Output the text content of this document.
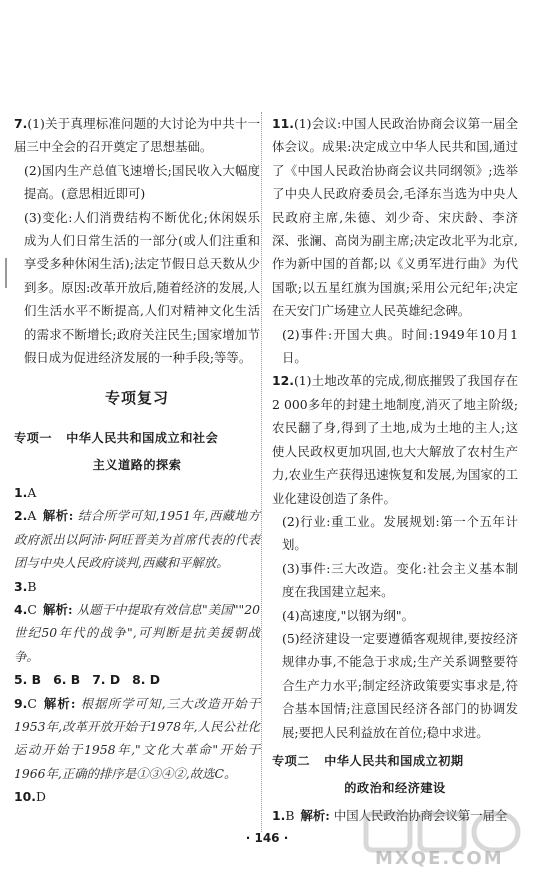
7.(1)关于真理标准问题的大讨论为中共十一届三中全会的召开奠定了思想基础。

(2)国内生产总值飞速增长;国民收入大幅度提高。(意思相近即可)

(3)变化:人们消费结构不断优化;休闲娱乐成为人们日常生活的一部分(或人们注重和享受多种休闲生活);法定节假日总天数从少到多。原因:改革开放后,随着经济的发展,人们生活水平不断提高,人们对精神文化生活的需求不断增长;政府关注民生;国家增加节假日成为促进经济发展的一种手段;等等。

专项复习
专项一 中华人民共和国成立和社会
主义道路的探索

1.A

2.A 解析: 结合所学可知,1951年,西藏地方政府派出以阿沛·阿旺晋美为首席代表的代表团与中央人民政府谈判,西藏和平解放。

3.B

4.C 解析: 从题干中提取有效信息"美国""20世纪50年代的战争",可判断是抗美援朝战争。

5. B 6. B 7. D 8. D

9.C 解析: 根据所学可知,三大改造开始于1953年,改革开放开始于1978年,人民公社化运动开始于1958年,"文化大革命"开始于1966年,正确的排序是①③④②,故选C。

10.D

11.(1)会议:中国人民政治协商会议第一届全体会议。成果:决定成立中华人民共和国,通过了《中国人民政治协商会议共同纲领》;选举了中央人民政府委员会,毛泽东当选为中央人民政府主席,朱德、刘少奇、宋庆龄、李济深、张澜、高岗为副主席;决定改北平为北京,作为新中国的首都;以《义勇军进行曲》为代国歌;以五星红旗为国旗;采用公元纪年;决定在天安门广场建立人民英雄纪念碑。

(2)事件:开国大典。时间:1949年10月1日。

12.(1)土地改革的完成,彻底摧毁了我国存在2 000多年的封建土地制度,消灭了地主阶级;农民翻了身,得到了土地,成为土地的主人;这使人民政权更加巩固,也大大解放了农村生产力,农业生产获得迅速恢复和发展,为国家的工业化建设创造了条件。

(2)行业:重工业。发展规划:第一个五年计划。

(3)事件:三大改造。变化:社会主义基本制度在我国建立起来。

(4)高速度,"以钢为纲"。

(5)经济建设一定要遵循客观规律,要按经济规律办事,不能急于求成;生产关系调整要符合生产力水平;制定经济政策要实事求是,符合基本国情;注意国民经济各部门的协调发展;要把人民利益放在首位;稳中求进。

专项二 中华人民共和国成立初期
的政治和经济建设

1.B 解析: 中国人民政治协商会议第一届全

· 146 ·
MXQE.COM
